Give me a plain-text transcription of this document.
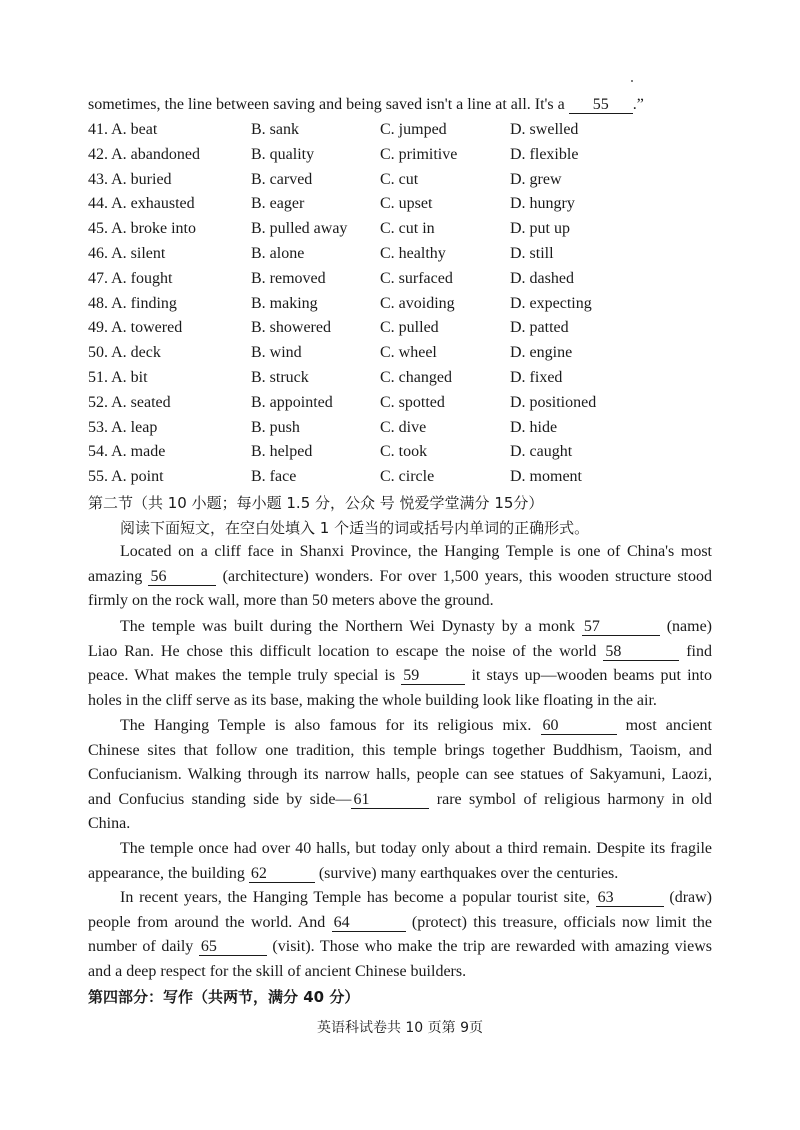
sometimes, the line between saving and being saved isn't a line at all. It's a 55 .”
41. A. beat	B. sank	C. jumped	D. swelled
42. A. abandoned	B. quality	C. primitive	D. flexible
43. A. buried	B. carved	C. cut	D. grew
44. A. exhausted	B. eager	C. upset	D. hungry
45. A. broke into	B. pulled away C. cut in	D. put up
46. A. silent	B. alone	C. healthy	D. still
47. A. fought	B. removed	C. surfaced	D. dashed
48. A. finding	B. making	C. avoiding	D. expecting
49. A. towered	B. showered	C. pulled	D. patted
50. A. deck	B. wind	C. wheel	D. engine
51. A. bit	B. struck	C. changed	D. fixed
52. A. seated	B. appointed	C. spotted	D. positioned
53. A. leap	B. push	C. dive	D. hide
54. A. made	B. helped	C. took	D. caught
55. A. point	B. face	C. circle	D. moment
第二节（共 10 小题；每小题 1.5 分，公众 号 悦爱学堂满分 15分）
阅读下面短文，在空白处填入 1 个适当的词或括号内单词的正确形式。
Located on a cliff face in Shanxi Province, the Hanging Temple is one of China's most
amazing 56	(architecture) wonders. For over 1,500 years, this wooden structure stood
firmly on the rock wall, more than 50 meters above the ground.
The temple was built during the Northern Wei Dynasty by a monk 57	(name)
Liao Ran. He chose this difficult location to escape the noise of the world 58	find
peace. What makes the temple truly special is 59	it stays up—wooden beams put into
holes in the cliff serve as its base, making the whole building look like floating in the air.
The Hanging Temple is also famous for its religious mix. 60	most ancient
Chinese sites that follow one tradition, this temple brings together Buddhism, Taoism, and
Confucianism. Walking through its narrow halls, people can see statues of Sakyamuni, Laozi,
and Confucius standing side by side— 61	rare symbol of religious harmony in old
China.
The temple once had over 40 halls, but today only about a third remain. Despite its fragile
appearance, the building 62	(survive) many earthquakes over the centuries.
In recent years, the Hanging Temple has become a popular tourist site, 63	(draw)
people from around the world. And 64	(protect) this treasure, officials now limit the
number of daily 65	(visit). Those who make the trip are rewarded with amazing views
and a deep respect for the skill of ancient Chinese builders.
第四部分：写作（共两节，满分 40 分）
英语科试卷共 10 页第 9页
